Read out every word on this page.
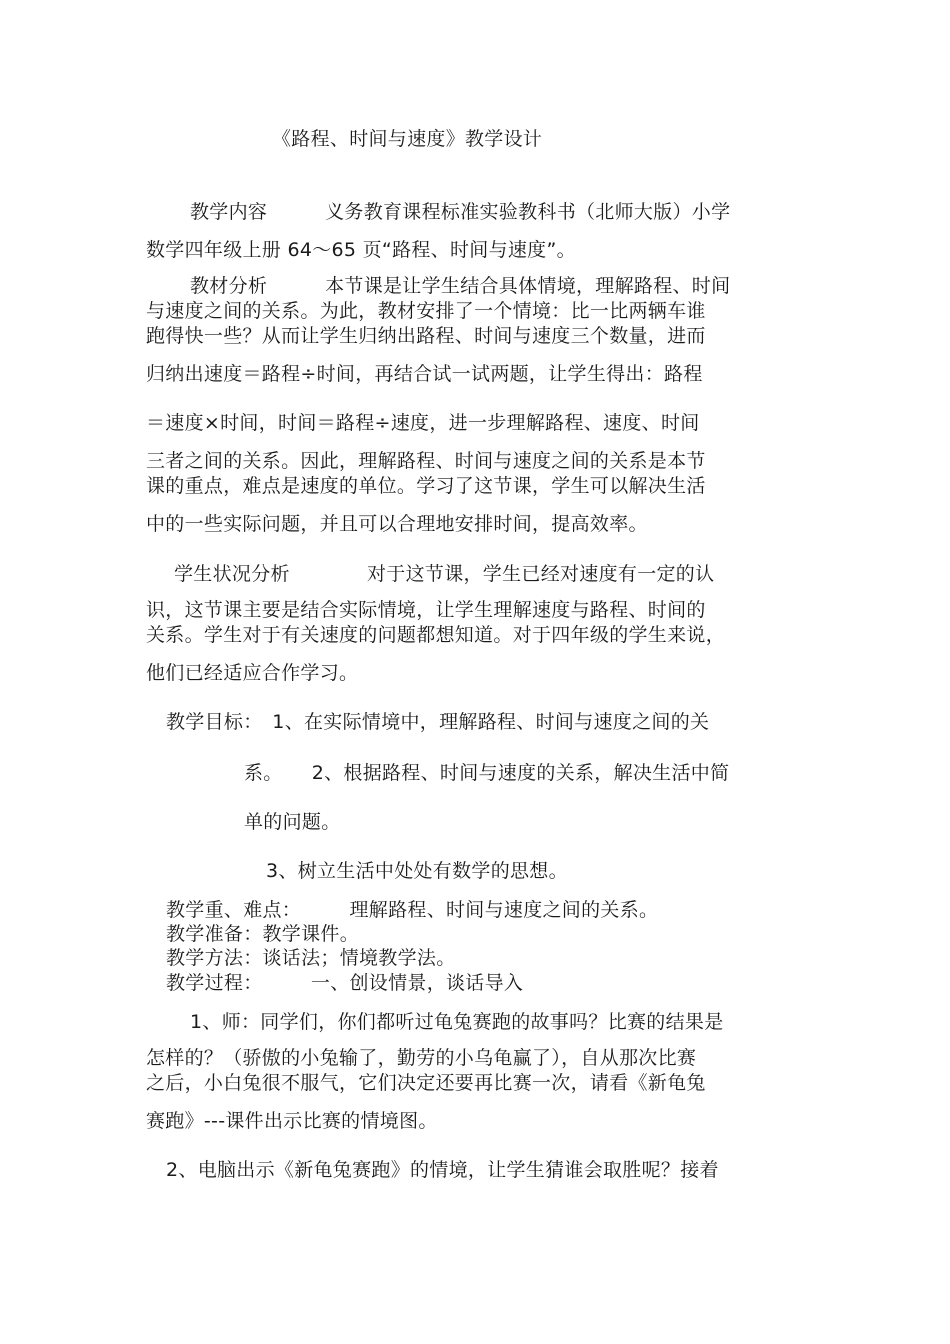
《路程、时间与速度》教学设计
教学内容　　　义务教育课程标准实验教科书（北师大版）小学
数学四年级上册 64～65 页“路程、时间与速度”。
教材分析　　　本节课是让学生结合具体情境，理解路程、时间
与速度之间的关系。为此，教材安排了一个情境：比一比两辆车谁
跑得快一些？从而让学生归纳出路程、时间与速度三个数量，进而
归纳出速度＝路程÷时间，再结合试一试两题，让学生得出：路程
＝速度×时间，时间＝路程÷速度，进一步理解路程、速度、时间
三者之间的关系。因此，理解路程、时间与速度之间的关系是本节
课的重点，难点是速度的单位。学习了这节课，学生可以解决生活
中的一些实际问题，并且可以合理地安排时间，提高效率。
学生状况分析　　　　对于这节课，学生已经对速度有一定的认
识，这节课主要是结合实际情境，让学生理解速度与路程、时间的
关系。学生对于有关速度的问题都想知道。对于四年级的学生来说，
他们已经适应合作学习。
教学目标：　1、在实际情境中，理解路程、时间与速度之间的关
系。　　2、根据路程、时间与速度的关系，解决生活中简
单的问题。
3、树立生活中处处有数学的思想。
教学重、难点：　　　理解路程、时间与速度之间的关系。
教学准备：教学课件。
教学方法：谈话法；情境教学法。
教学过程：　　　一、创设情景，谈话导入
1、师：同学们，你们都听过龟兔赛跑的故事吗？比赛的结果是
怎样的？（骄傲的小兔输了，勤劳的小乌龟赢了），自从那次比赛
之后，小白兔很不服气，它们决定还要再比赛一次，请看《新龟兔
赛跑》---课件出示比赛的情境图。
2、电脑出示《新龟兔赛跑》的情境，让学生猜谁会取胜呢？接着
